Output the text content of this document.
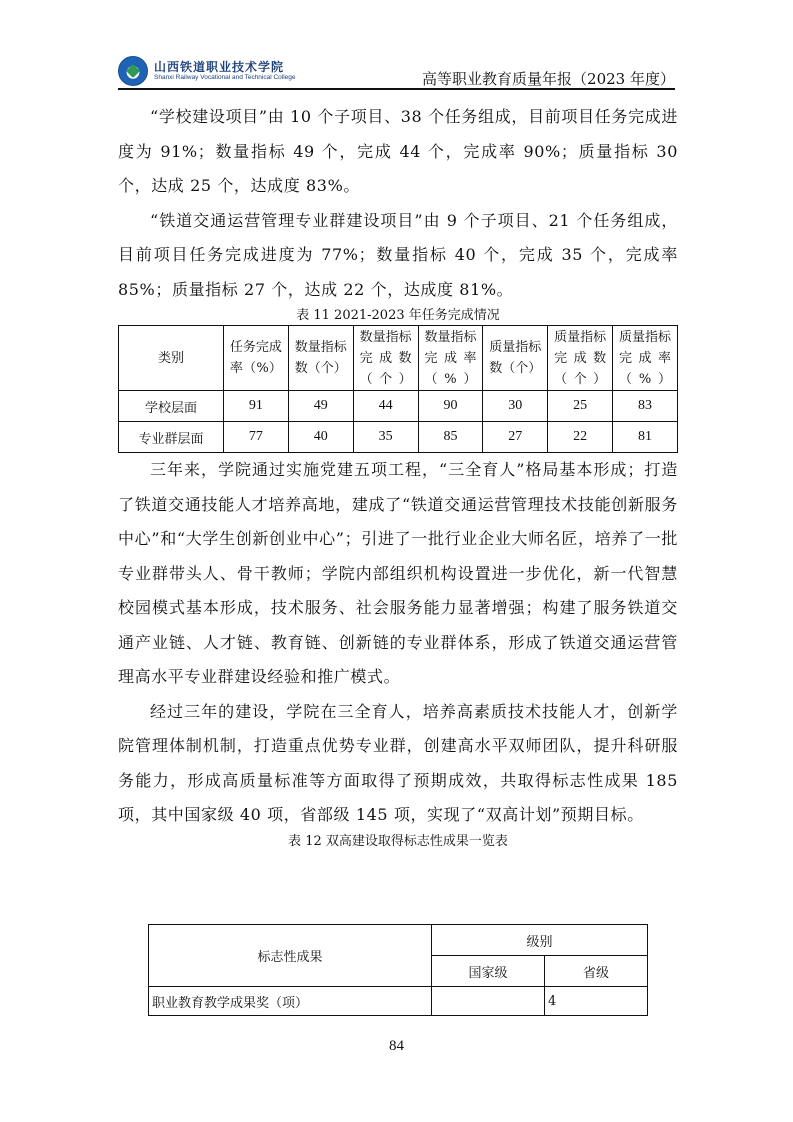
山西铁道职业技术学院
Shanxi Railway Vocational and Technical College	高等职业教育质量年报（2023 年度）

“学校建设项目”由 10 个子项目、38 个任务组成，目前项目任务完成进度为 91%；数量指标 49 个，完成 44 个，完成率 90%；质量指标 30 个，达成 25 个，达成度 83%。

“铁道交通运营管理专业群建设项目”由 9 个子项目、21 个任务组成，目前项目任务完成进度为 77%；数量指标 40 个，完成 35 个，完成率 85%；质量指标 27 个，达成 22 个，达成度 81%。

表 11 2021-2023 年任务完成情况

类别	任务完成率（%）	数量指标数（个）	数量指标完成数（个）	数量指标完成率（%）	质量指标数（个）	质量指标完成数（个）	质量指标完成率（%）
学校层面	91	49	44	90	30	25	83
专业群层面	77	40	35	85	27	22	81

三年来，学院通过实施党建五项工程，“三全育人”格局基本形成；打造了铁道交通技能人才培养高地，建成了“铁道交通运营管理技术技能创新服务中心”和“大学生创新创业中心”；引进了一批行业企业大师名匠，培养了一批专业群带头人、骨干教师；学院内部组织机构设置进一步优化，新一代智慧校园模式基本形成，技术服务、社会服务能力显著增强；构建了服务铁道交通产业链、人才链、教育链、创新链的专业群体系，形成了铁道交通运营管理高水平专业群建设经验和推广模式。

经过三年的建设，学院在三全育人，培养高素质技术技能人才，创新学院管理体制机制，打造重点优势专业群，创建高水平双师团队，提升科研服务能力，形成高质量标准等方面取得了预期成效，共取得标志性成果 185 项，其中国家级 40 项，省部级 145 项，实现了“双高计划”预期目标。

表 12 双高建设取得标志性成果一览表

标志性成果	级别	
	国家级	省级
职业教育教学成果奖（项）		4
84
